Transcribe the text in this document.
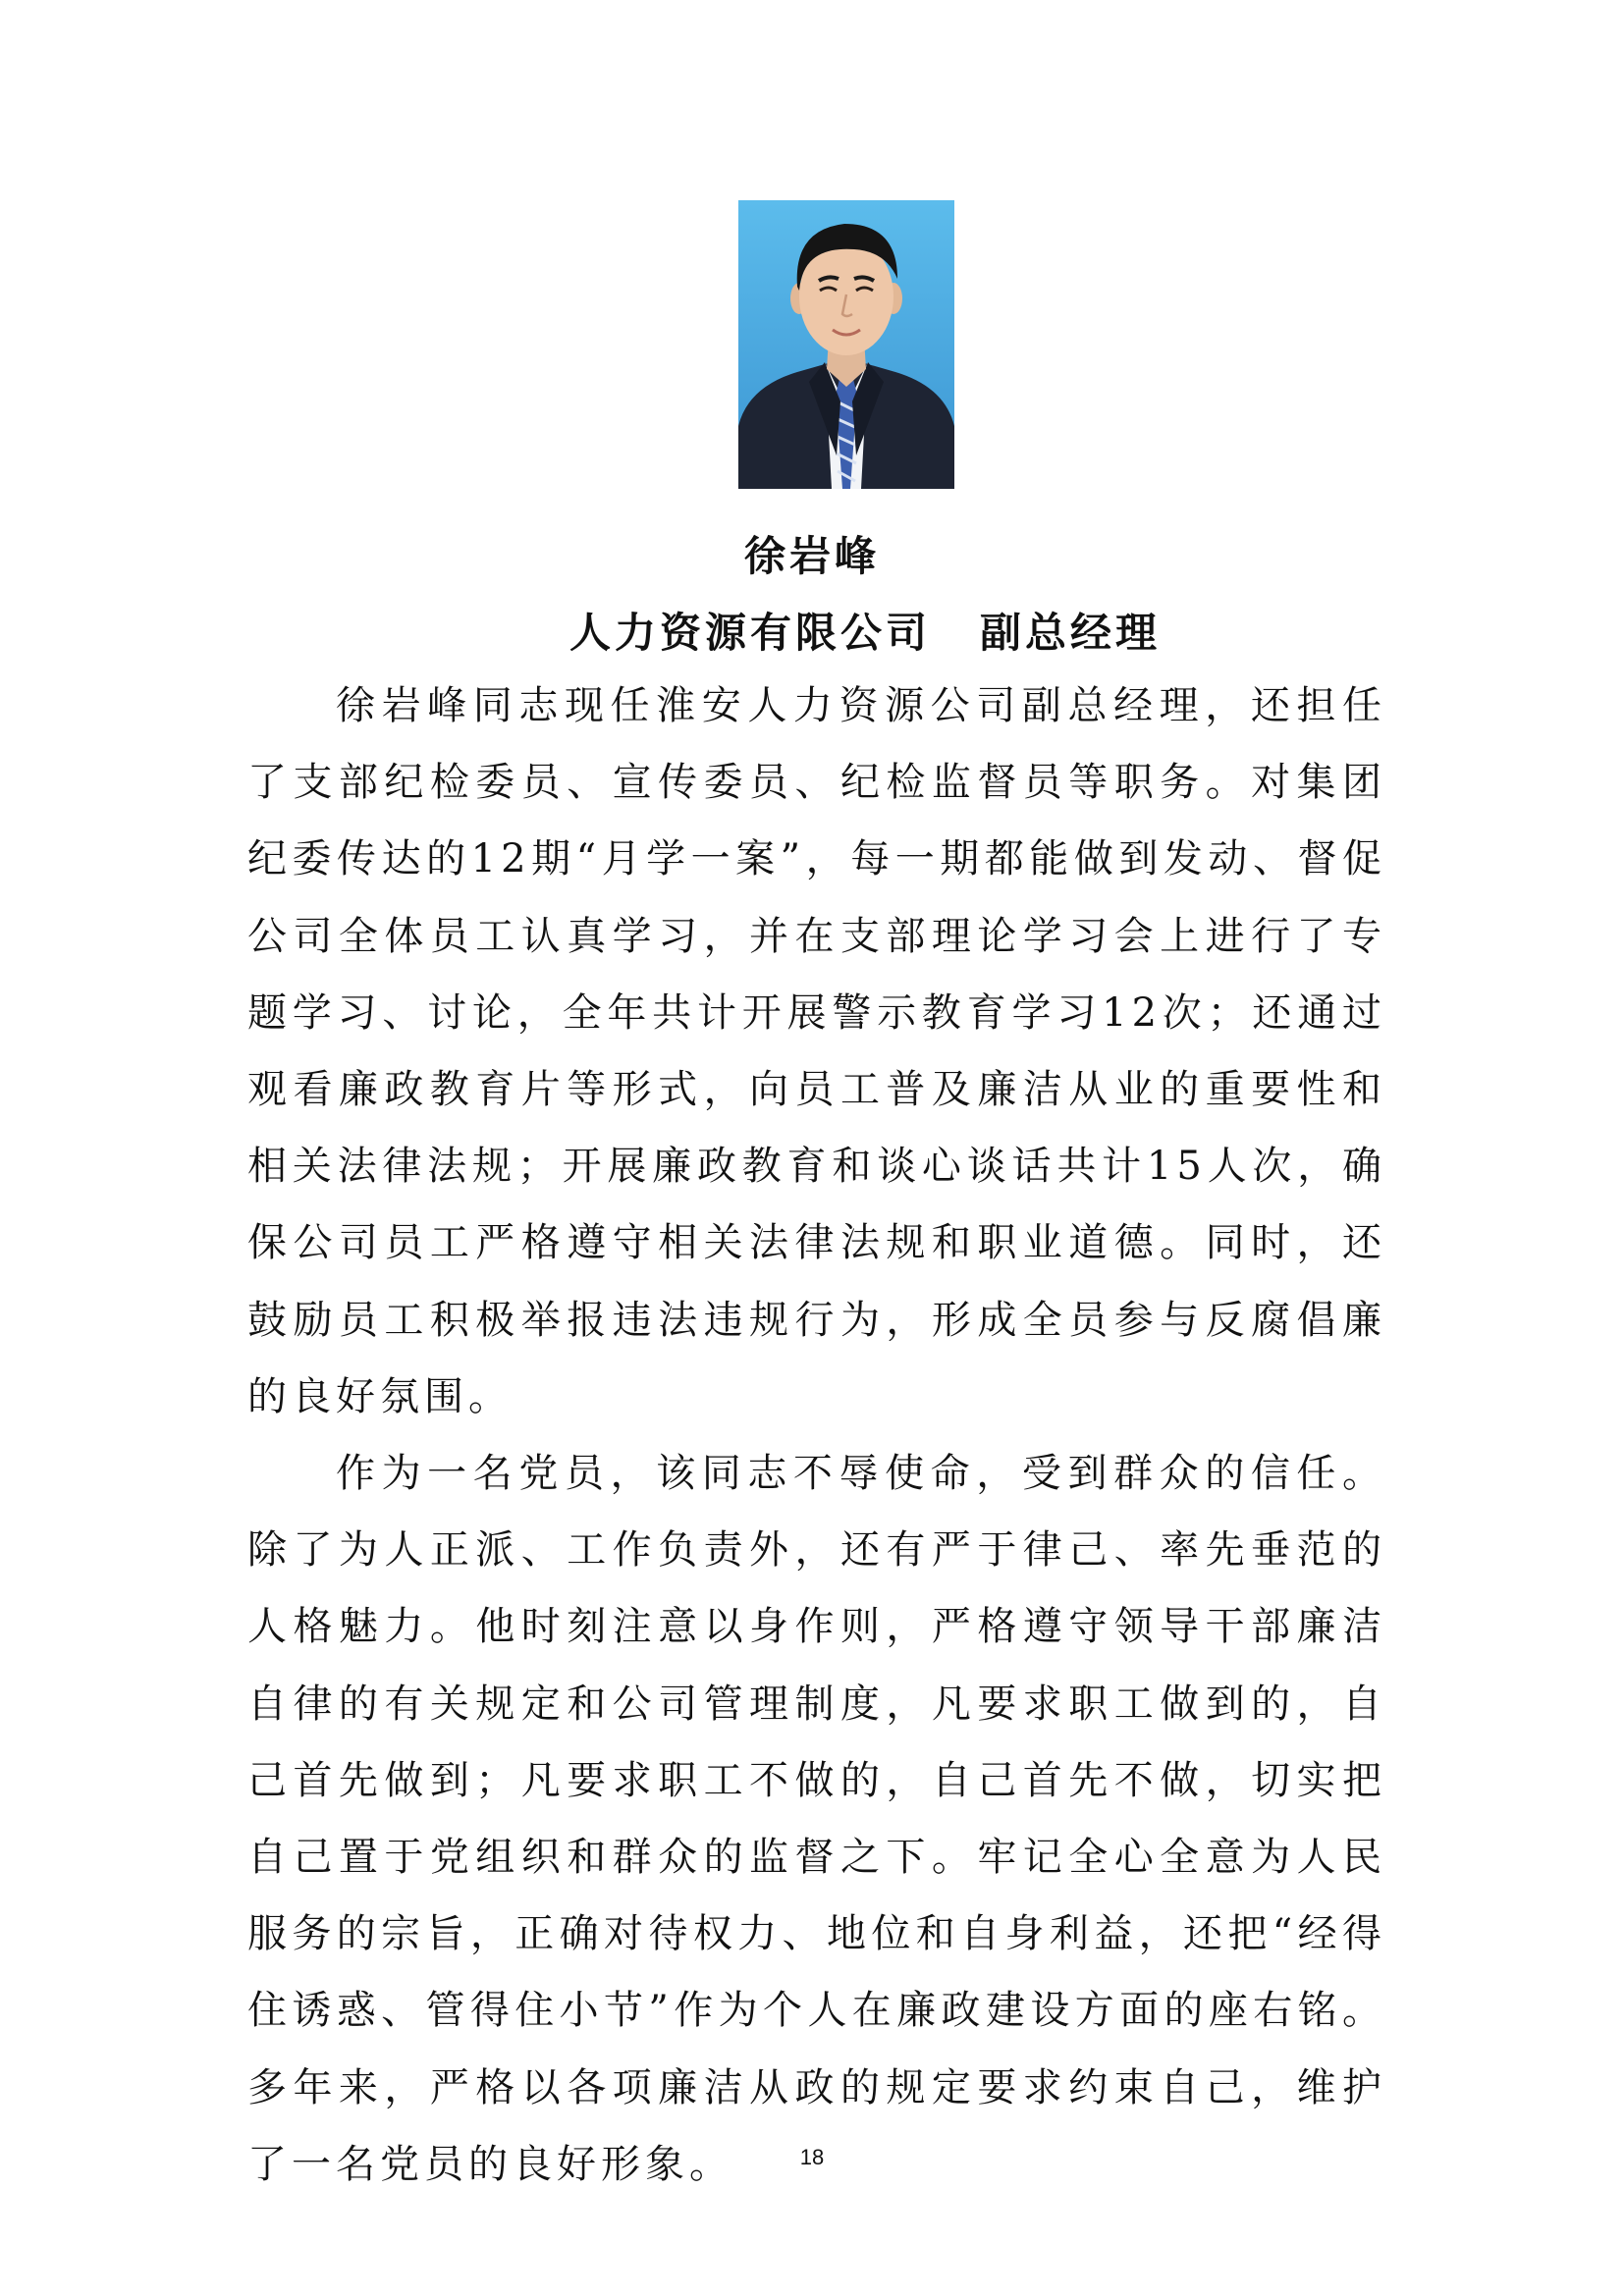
徐岩峰
人力资源有限公司 副总经理

徐岩峰同志现任淮安人力资源公司副总经理，还担任了支部纪检委员、宣传委员、纪检监督员等职务。对集团纪委传达的12期“月学一案”，每一期都能做到发动、督促公司全体员工认真学习，并在支部理论学习会上进行了专题学习、讨论，全年共计开展警示教育学习12次；还通过观看廉政教育片等形式，向员工普及廉洁从业的重要性和相关法律法规；开展廉政教育和谈心谈话共计15人次，确保公司员工严格遵守相关法律法规和职业道德。同时，还鼓励员工积极举报违法违规行为，形成全员参与反腐倡廉的良好氛围。

作为一名党员，该同志不辱使命，受到群众的信任。除了为人正派、工作负责外，还有严于律己、率先垂范的人格魅力。他时刻注意以身作则，严格遵守领导干部廉洁自律的有关规定和公司管理制度，凡要求职工做到的，自己首先做到；凡要求职工不做的，自己首先不做，切实把自己置于党组织和群众的监督之下。牢记全心全意为人民服务的宗旨，正确对待权力、地位和自身利益，还把“经得住诱惑、管得住小节”作为个人在廉政建设方面的座右铭。多年来，严格以各项廉洁从政的规定要求约束自己，维护了一名党员的良好形象。	18
